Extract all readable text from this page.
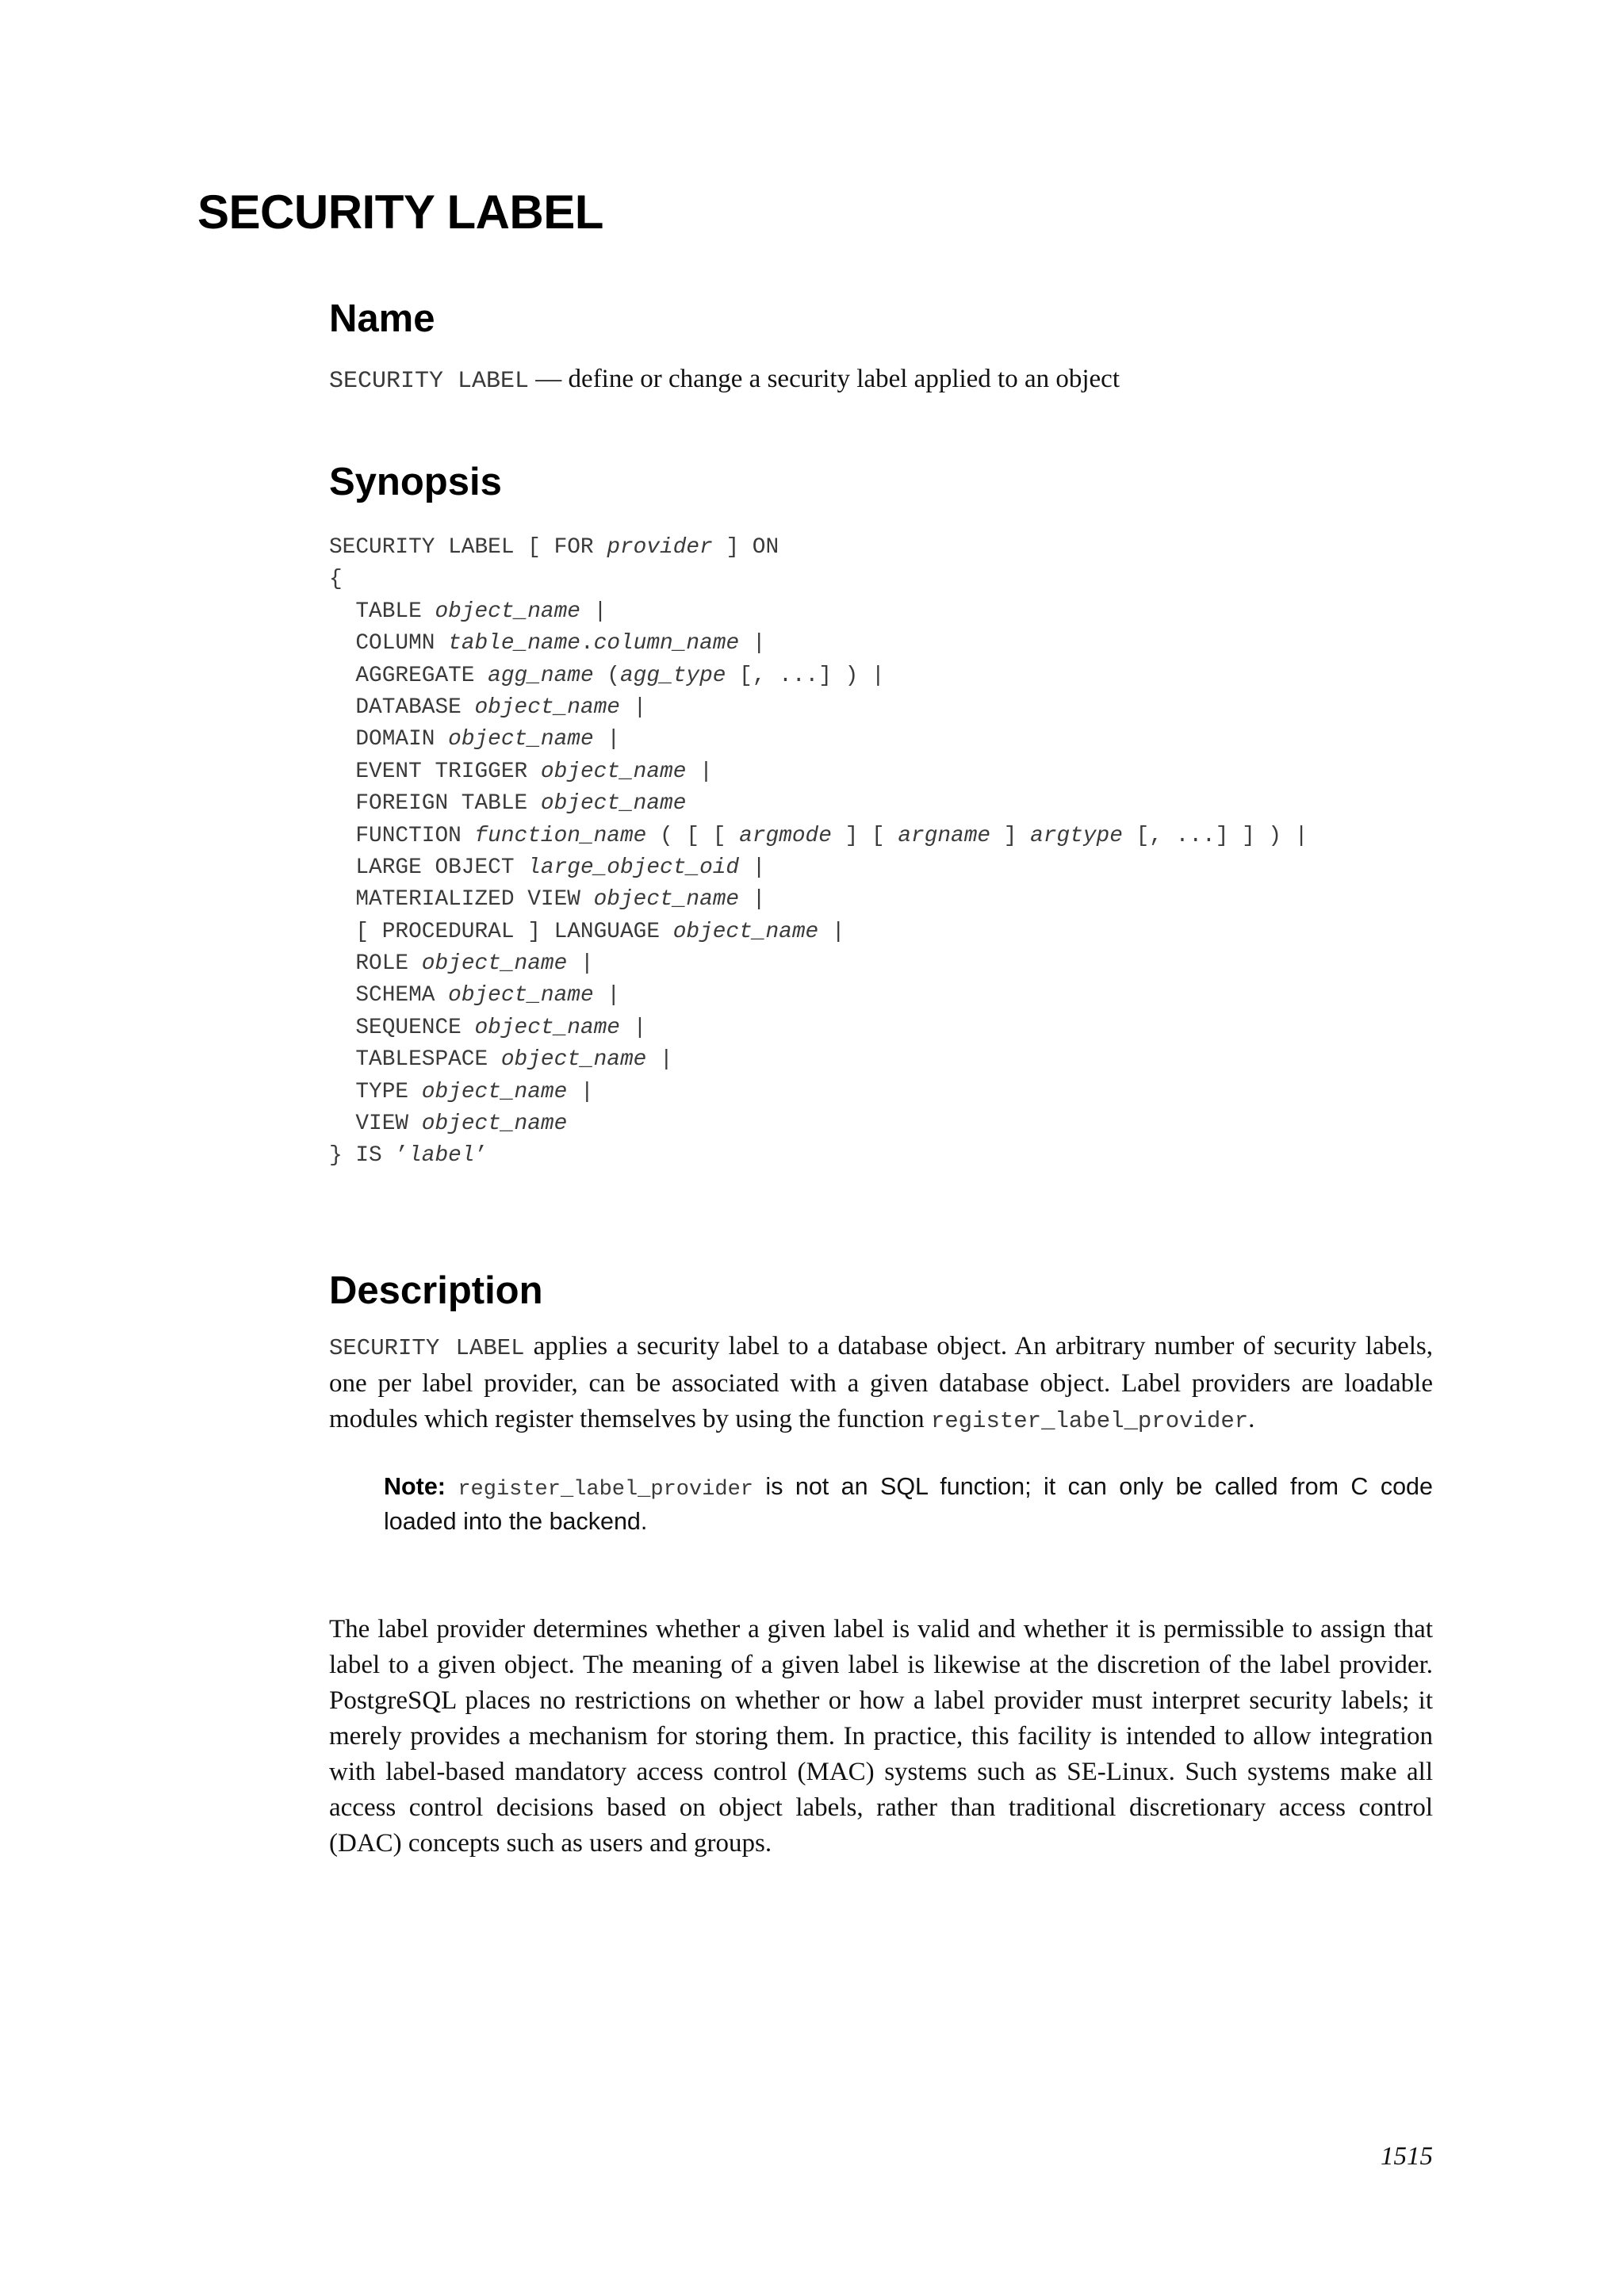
SECURITY LABEL
Name
SECURITY LABEL — define or change a security label applied to an object
Synopsis
SECURITY LABEL [ FOR provider ] ON
{
TABLE object_name |
COLUMN table_name.column_name |
AGGREGATE agg_name (agg_type [, ...] ) |
DATABASE object_name |
DOMAIN object_name |
EVENT TRIGGER object_name |
FOREIGN TABLE object_name
FUNCTION function_name ( [ [ argmode ] [ argname ] argtype [, ...] ] ) |
LARGE OBJECT large_object_oid |
MATERIALIZED VIEW object_name |
[ PROCEDURAL ] LANGUAGE object_name |
ROLE object_name |
SCHEMA object_name |
SEQUENCE object_name |
TABLESPACE object_name |
TYPE object_name |
VIEW object_name
} IS ’label’
Description

SECURITY LABEL applies a security label to a database object. An arbitrary number of security labels, one per label provider, can be associated with a given database object. Label providers are loadable modules which register themselves by using the function register_label_provider.

Note: register_label_provider is not an SQL function; it can only be called from C code loaded into the backend.

The label provider determines whether a given label is valid and whether it is permissible to assign that label to a given object. The meaning of a given label is likewise at the discretion of the label provider. PostgreSQL places no restrictions on whether or how a label provider must interpret security labels; it merely provides a mechanism for storing them. In practice, this facility is intended to allow integration with label-based mandatory access control (MAC) systems such as SE-Linux. Such systems make all access control decisions based on object labels, rather than traditional discretionary access control (DAC) concepts such as users and groups.

1515
